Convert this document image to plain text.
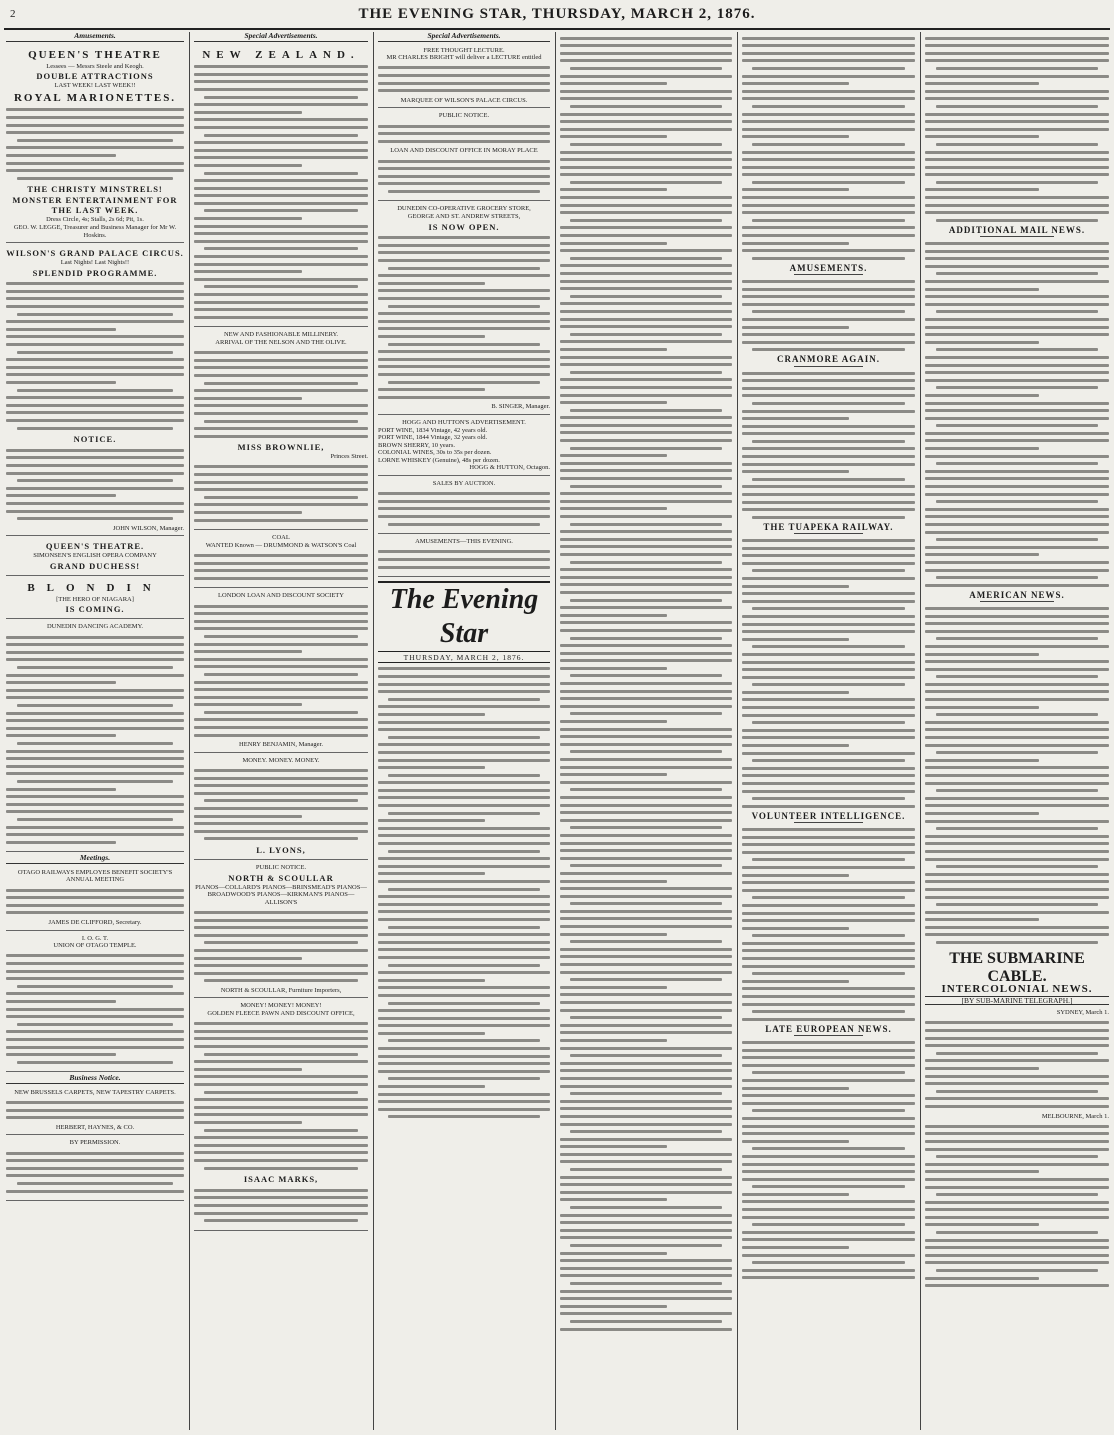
2	THE EVENING STAR, THURSDAY, MARCH 2, 1876.
Amusements.
QUEEN'S THEATRE
Lessees — Messrs Steele and Keogh.
DOUBLE ATTRACTIONS
LAST WEEK! LAST WEEK!!
ROYAL MARIONETTES.
THE CHRISTY MINSTRELS!
MONSTER ENTERTAINMENT FOR THE LAST WEEK.
Dress Circle, 4s; Stalls, 2s 6d; Pit, 1s.
GEO. W. LEGGE, Treasurer and Business Manager for Mr W. Hoskins.
WILSON'S GRAND PALACE CIRCUS.
Last Nights! Last Nights!!
SPLENDID PROGRAMME.
NOTICE.
JOHN WILSON, Manager.
QUEEN'S THEATRE.
SIMONSEN'S ENGLISH OPERA COMPANY
GRAND DUCHESS!
BLONDIN
[THE HERO OF NIAGARA]
IS COMING.
DUNEDIN DANCING ACADEMY.
Meetings.
OTAGO RAILWAYS EMPLOYES BENEFIT SOCIETY'S ANNUAL MEETING
JAMES DE CLIFFORD, Secretary.
I. O. G. T.
UNION OF OTAGO TEMPLE.
Business Notice.
NEW BRUSSELS CARPETS, NEW TAPESTRY CARPETS.
HERBERT, HAYNES, & CO.
BY PERMISSION.
Special Advertisements.
NEW ZEALAND.
NEW AND FASHIONABLE MILLINERY.
ARRIVAL OF THE NELSON AND THE OLIVE.
MISS BROWNLIE,
Princes Street.
COAL
WANTED Known — DRUMMOND & WATSON'S Coal
LONDON LOAN AND DISCOUNT SOCIETY
HENRY BENJAMIN, Manager.
MONEY. MONEY. MONEY.
L. LYONS,
PUBLIC NOTICE.
NORTH & SCOULLAR
PIANOS—COLLARD'S PIANOS—BRINSMEAD'S PIANOS—BROADWOOD'S PIANOS—KIRKMAN'S PIANOS—ALLISON'S
NORTH & SCOULLAR, Furniture Importers,
MONEY! MONEY! MONEY!
GOLDEN FLEECE PAWN AND DISCOUNT OFFICE,
ISAAC MARKS,
Special Advertisements.
FREE THOUGHT LECTURE.
MR CHARLES BRIGHT will deliver a LECTURE entitled
MARQUEE OF WILSON'S PALACE CIRCUS.
PUBLIC NOTICE.
LOAN AND DISCOUNT OFFICE IN MORAY PLACE
DUNEDIN CO-OPERATIVE GROCERY STORE,
GEORGE AND ST. ANDREW STREETS,
IS NOW OPEN.
B. SINGER, Manager.
HOGG AND HUTTON'S ADVERTISEMENT.
PORT WINE, 1834 Vintage, 42 years old.
PORT WINE, 1844 Vintage, 32 years old.
BROWN SHERRY, 10 years.
COLONIAL WINES, 30s to 35s per dozen.
LORNE WHISKEY (Genuine), 48s per dozen.
HOGG & HUTTON, Octagon.
SALES BY AUCTION.
AMUSEMENTS—THIS EVENING.
The Evening Star
THURSDAY, MARCH 2, 1876.
AMUSEMENTS.
CRANMORE AGAIN.
THE TUAPEKA RAILWAY.
VOLUNTEER INTELLIGENCE.
LATE EUROPEAN NEWS.
ADDITIONAL MAIL NEWS.
AMERICAN NEWS.
THE SUBMARINE CABLE.
INTERCOLONIAL NEWS.
[BY SUB-MARINE TELEGRAPH.]
SYDNEY, March 1.
MELBOURNE, March 1.
